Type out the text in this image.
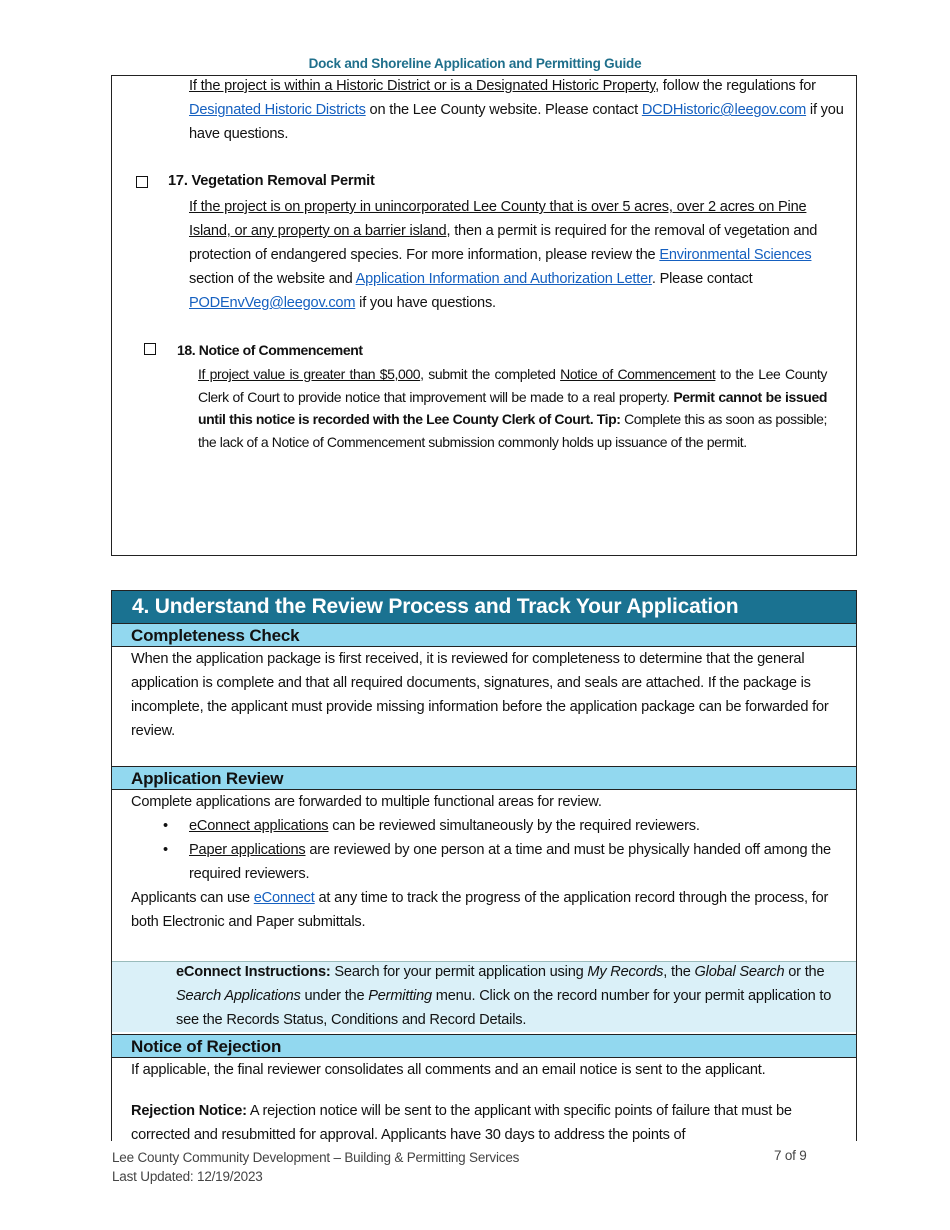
Dock and Shoreline Application and Permitting Guide
If the project is within a Historic District or is a Designated Historic Property, follow the regulations for Designated Historic Districts on the Lee County website. Please contact DCDHistoric@leegov.com if you have questions.
17. Vegetation Removal Permit
If the project is on property in unincorporated Lee County that is over 5 acres, over 2 acres on Pine Island, or any property on a barrier island, then a permit is required for the removal of vegetation and protection of endangered species. For more information, please review the Environmental Sciences section of the website and Application Information and Authorization Letter. Please contact PODEnvVeg@leegov.com if you have questions.
18. Notice of Commencement
If project value is greater than $5,000, submit the completed Notice of Commencement to the Lee County Clerk of Court to provide notice that improvement will be made to a real property. Permit cannot be issued until this notice is recorded with the Lee County Clerk of Court. Tip: Complete this as soon as possible; the lack of a Notice of Commencement submission commonly holds up issuance of the permit.
4. Understand the Review Process and Track Your Application
Completeness Check
When the application package is first received, it is reviewed for completeness to determine that the general application is complete and that all required documents, signatures, and seals are attached. If the package is incomplete, the applicant must provide missing information before the application package can be forwarded for review.
Application Review
Complete applications are forwarded to multiple functional areas for review.
• eConnect applications can be reviewed simultaneously by the required reviewers.
• Paper applications are reviewed by one person at a time and must be physically handed off among the required reviewers.
Applicants can use eConnect at any time to track the progress of the application record through the process, for both Electronic and Paper submittals.
eConnect Instructions: Search for your permit application using My Records, the Global Search or the Search Applications under the Permitting menu. Click on the record number for your permit application to see the Records Status, Conditions and Record Details.
Notice of Rejection
If applicable, the final reviewer consolidates all comments and an email notice is sent to the applicant.
Rejection Notice: A rejection notice will be sent to the applicant with specific points of failure that must be corrected and resubmitted for approval. Applicants have 30 days to address the points of
Lee County Community Development – Building & Permitting Services
Last Updated: 12/19/2023
7 of 9
